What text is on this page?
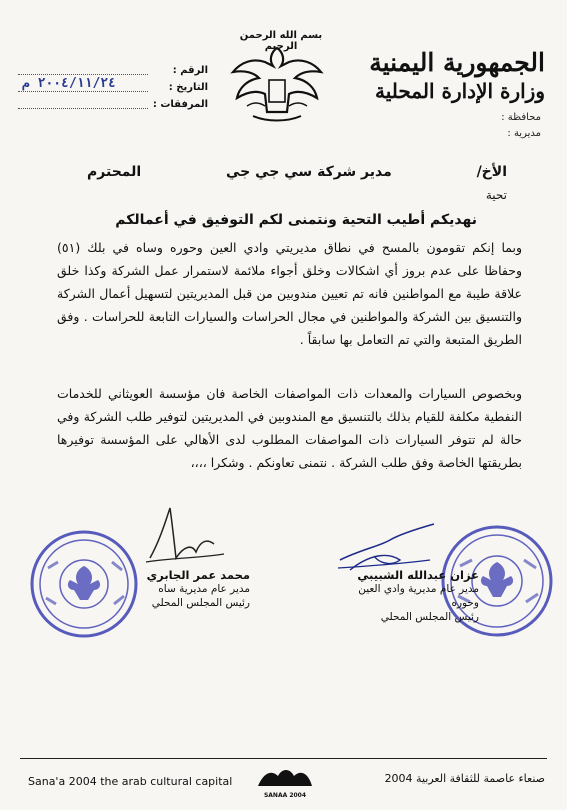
الجمهورية اليمنية
وزارة الإدارة المحلية
محافظة :
مديرية :
بسم الله الرحمن الرحيم
الرقم :
التاريخ :
٢٠٠٤/١١/٢٤ م
المرفقات :
الأخ/
مدير شركة سي جي جي
المحترم
تحية
نهديكم أطيب التحية ونتمنى لكم التوفيق في أعمالكم
وبما إنكم تقومون بالمسح في نطاق مديريتي وادي العين وحوره وساه في بلك (٥١) وحفاظا على عدم بروز أي اشكالات وخلق أجواء ملائمة لاستمرار عمل الشركة وكذا خلق علاقة طيبة مع المواطنين فانه تم تعيين مندوبين من قبل المديريتين لتسهيل أعمال الشركة والتنسيق بين الشركة والمواطنين في مجال الحراسات والسيارات التابعة للحراسات . وفق الطريق المتبعة والتي تم التعامل بها سابقاً .
وبخصوص السيارات والمعدات ذات المواصفات الخاصة فان مؤسسة العويثاني للخدمات النفطية مكلفة للقيام بذلك بالتنسيق مع المندوبين في المديريتين لتوفير طلب الشركة وفي حالة لم تتوفر السيارات ذات المواصفات المطلوب لدى الأهالي على المؤسسة توفيرها بطريقتها الخاصة وفق طلب الشركة . نتمنى تعاونكم . وشكرا ،،،،
عزان عبدالله الشبيبي
مدير عام مديرية وادي العين وحوره
رئيس المجلس المحلي
محمد عمر الجابري
مدير عام مديرية ساه
رئيس المجلس المحلي
Sana'a 2004 the arab cultural capital
SANAA 2004
صنعاء عاصمة للثقافة العربية 2004
